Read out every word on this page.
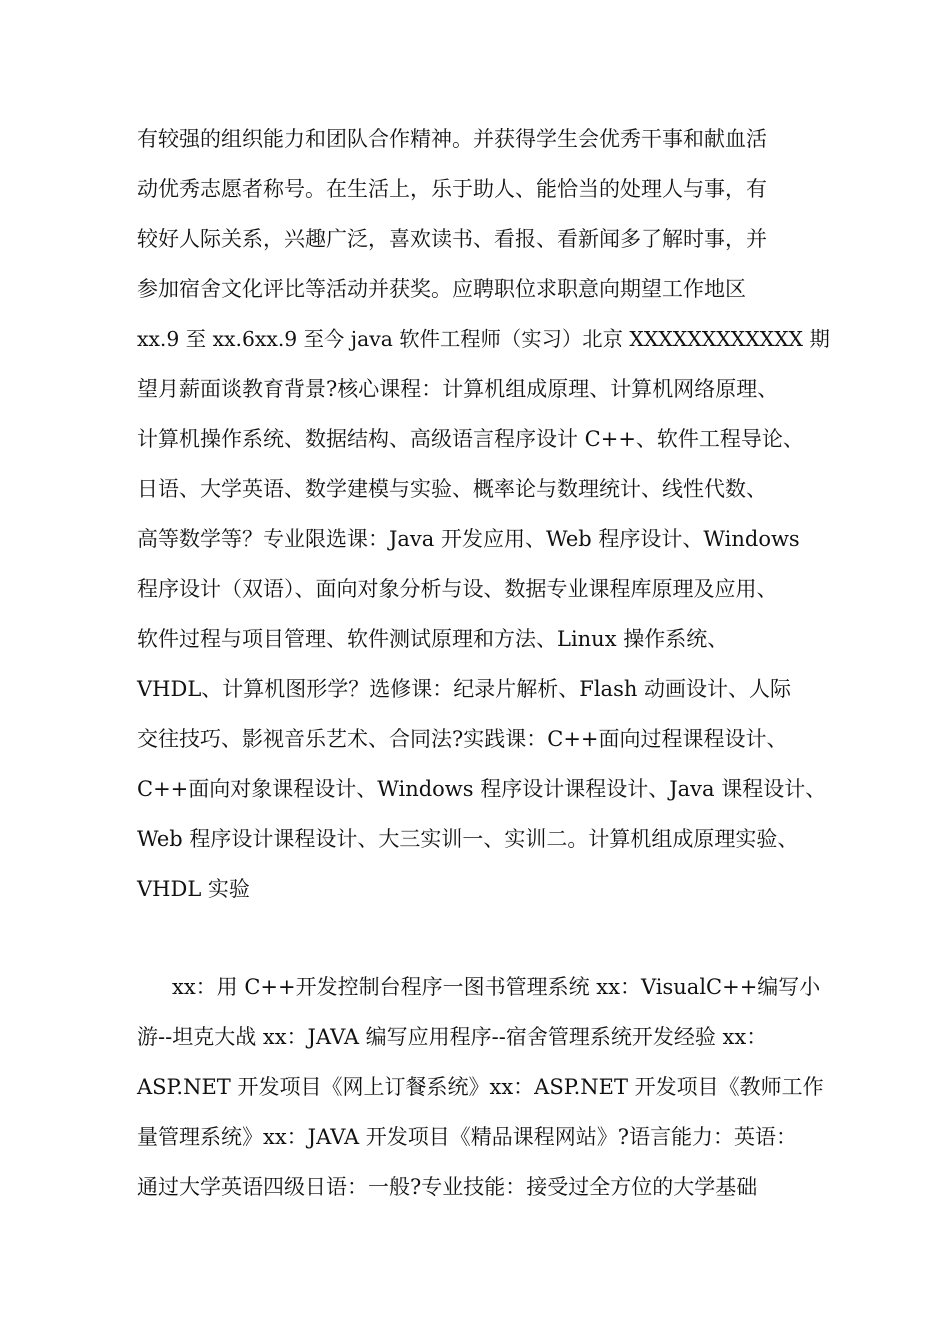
有较强的组织能力和团队合作精神。并获得学生会优秀干事和献血活
动优秀志愿者称号。在生活上，乐于助人、能恰当的处理人与事，有
较好人际关系，兴趣广泛，喜欢读书、看报、看新闻多了解时事，并
参加宿舍文化评比等活动并获奖。应聘职位求职意向期望工作地区
xx.9 至 xx.6xx.9 至今 java 软件工程师（实习）北京 XXXXXXXXXXXX 期
望月薪面谈教育背景?核心课程：计算机组成原理、计算机网络原理、
计算机操作系统、数据结构、高级语言程序设计 C++、软件工程导论、
日语、大学英语、数学建模与实验、概率论与数理统计、线性代数、
高等数学等？专业限选课：Java 开发应用、Web 程序设计、Windows
程序设计（双语）、面向对象分析与设、数据专业课程库原理及应用、
软件过程与项目管理、软件测试原理和方法、Linux 操作系统、
VHDL、计算机图形学？选修课：纪录片解析、Flash 动画设计、人际
交往技巧、影视音乐艺术、合同法?实践课：C++面向过程课程设计、
C++面向对象课程设计、Windows 程序设计课程设计、Java 课程设计、
Web 程序设计课程设计、大三实训一、实训二。计算机组成原理实验、
VHDL 实验
xx：用 C++开发控制台程序一图书管理系统 xx：VisualC++编写小
游--坦克大战 xx：JAVA 编写应用程序--宿舍管理系统开发经验 xx：
ASP.NET 开发项目《网上订餐系统》xx：ASP.NET 开发项目《教师工作
量管理系统》xx：JAVA 开发项目《精品课程网站》?语言能力：英语：
通过大学英语四级日语：一般?专业技能：接受过全方位的大学基础
